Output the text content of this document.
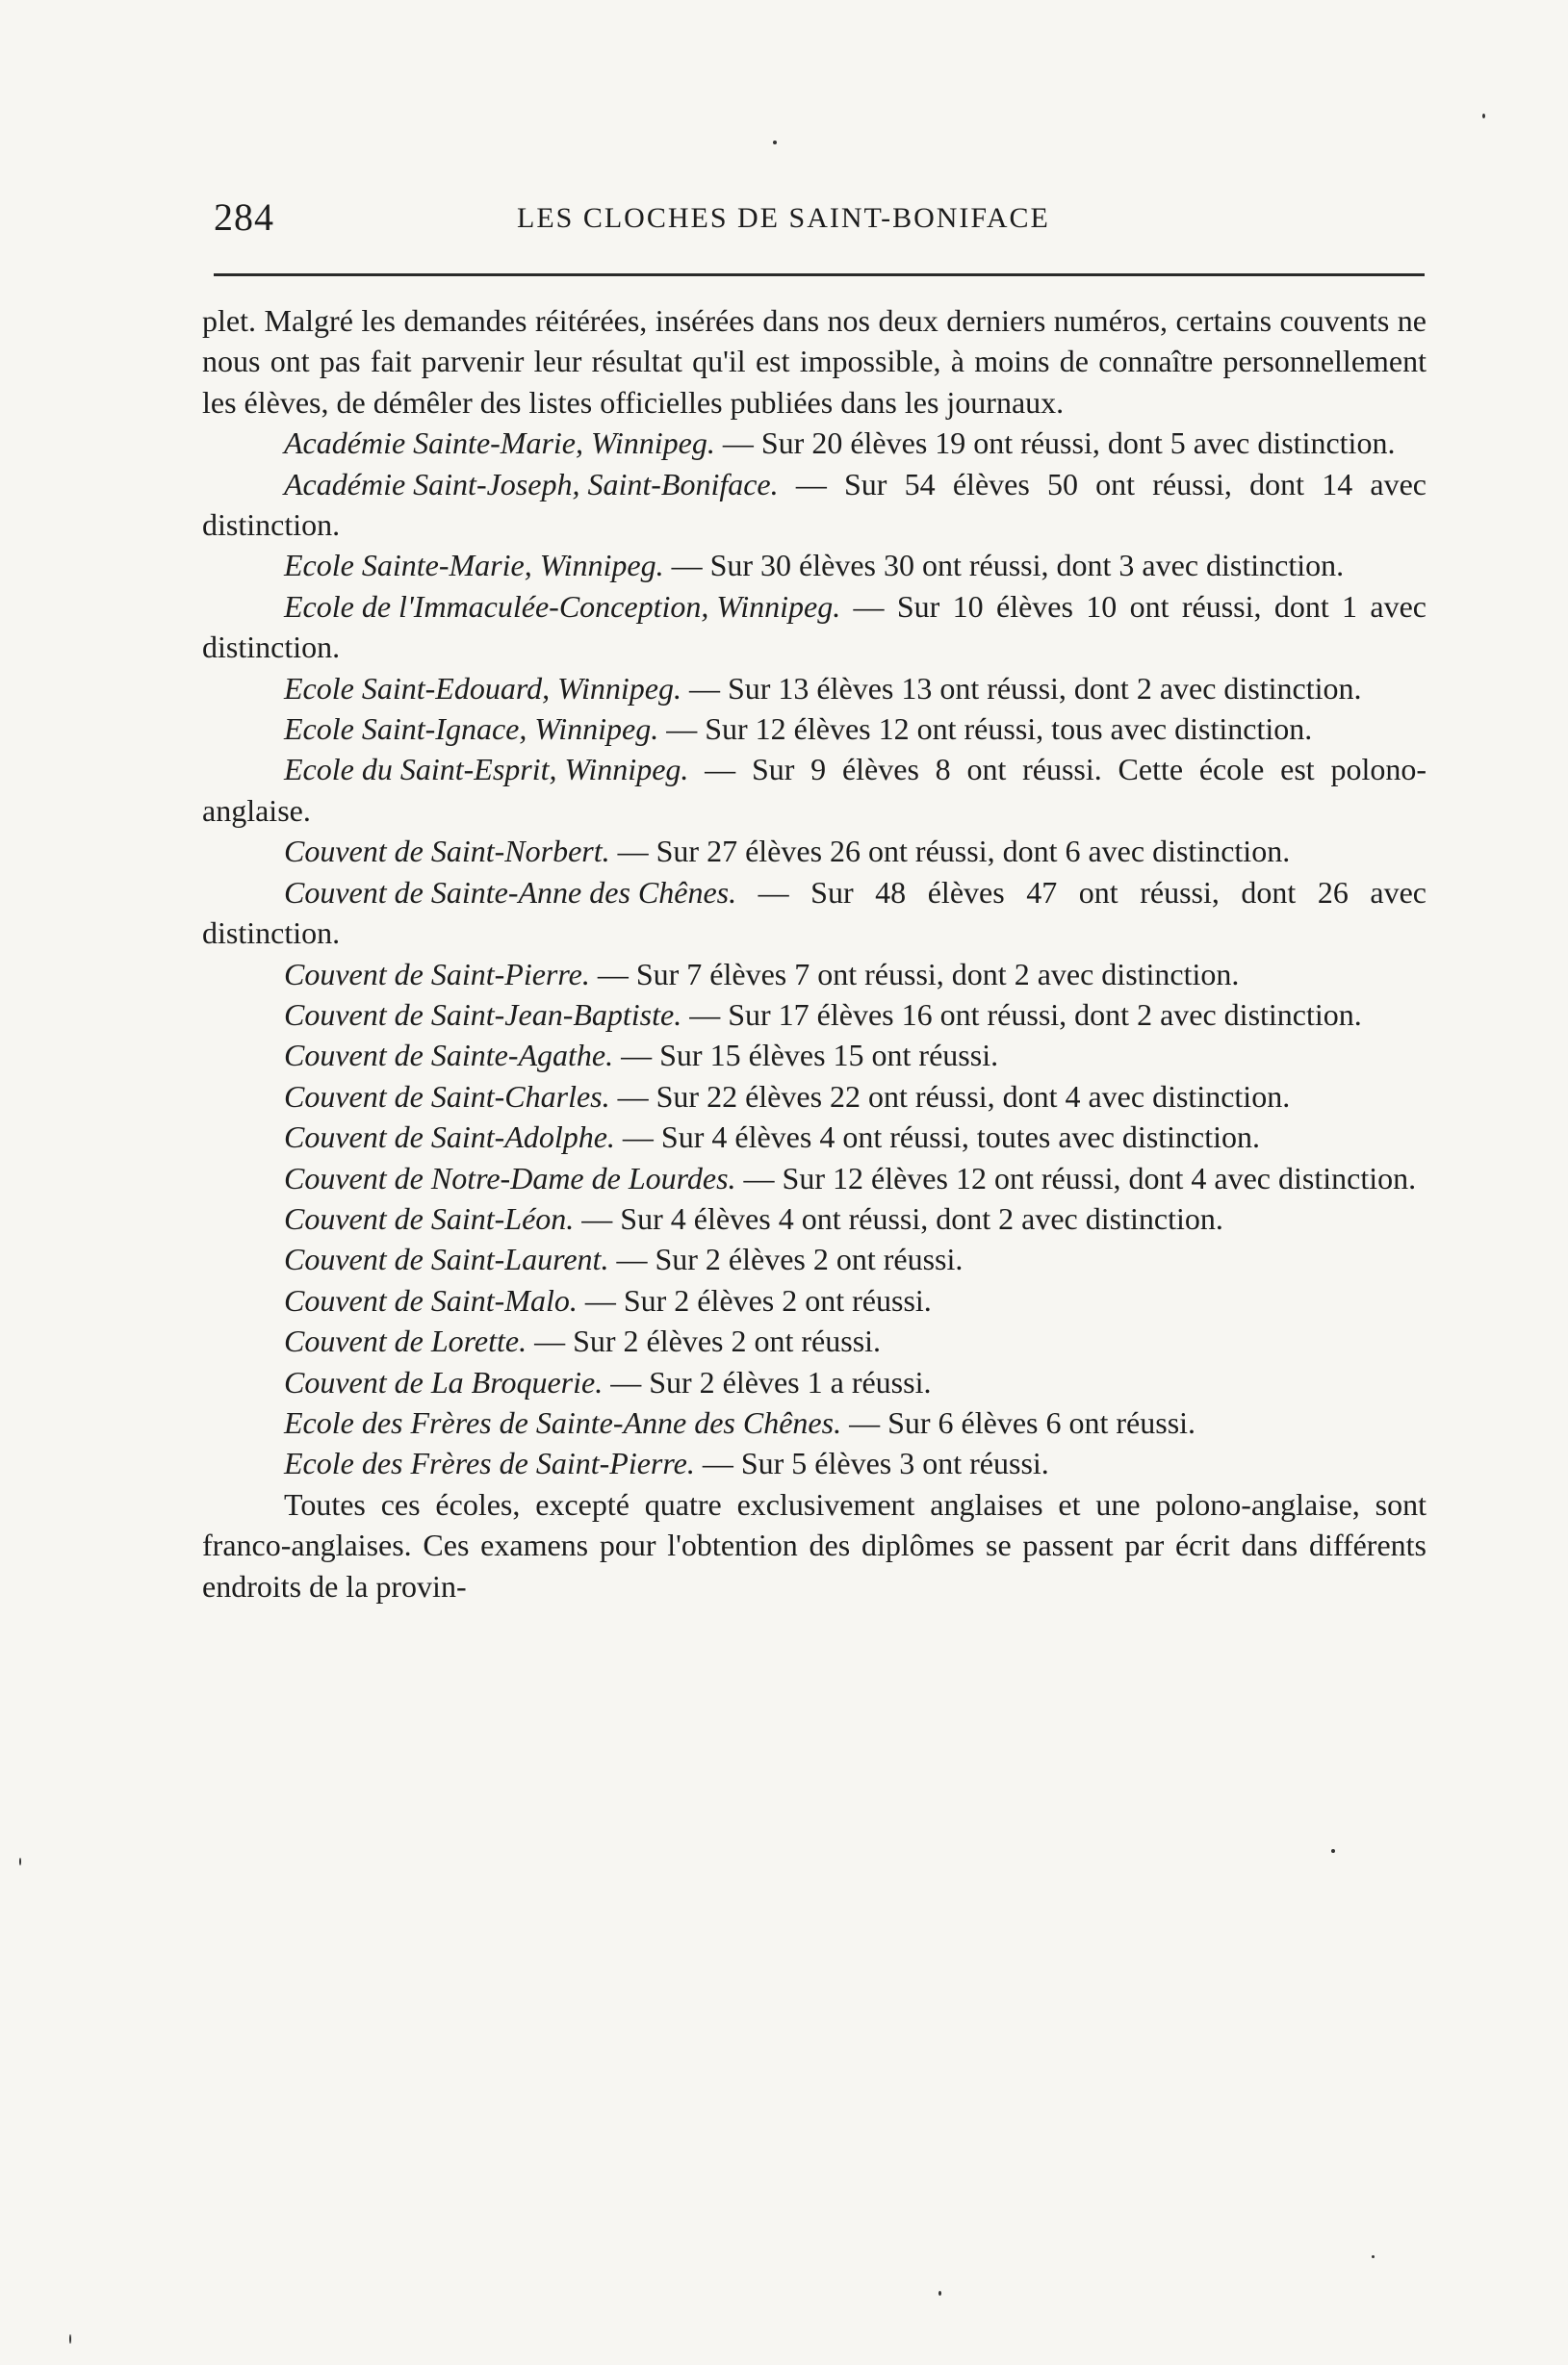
284	LES CLOCHES DE SAINT-BONIFACE

plet. Malgré les demandes réitérées, insérées dans nos deux derniers numéros, certains couvents ne nous ont pas fait parvenir leur résultat qu'il est impossible, à moins de connaître personnellement les élèves, de démêler des listes officielles publiées dans les journaux.

Académie Sainte-Marie, Winnipeg. — Sur 20 élèves 19 ont réussi, dont 5 avec distinction.

Académie Saint-Joseph, Saint-Boniface. — Sur 54 élèves 50 ont réussi, dont 14 avec distinction.

Ecole Sainte-Marie, Winnipeg. — Sur 30 élèves 30 ont réussi, dont 3 avec distinction.

Ecole de l'Immaculée-Conception, Winnipeg. — Sur 10 élèves 10 ont réussi, dont 1 avec distinction.

Ecole Saint-Edouard, Winnipeg. — Sur 13 élèves 13 ont réussi, dont 2 avec distinction.

Ecole Saint-Ignace, Winnipeg. — Sur 12 élèves 12 ont réussi, tous avec distinction.

Ecole du Saint-Esprit, Winnipeg. — Sur 9 élèves 8 ont réussi. Cette école est polono-anglaise.

Couvent de Saint-Norbert. — Sur 27 élèves 26 ont réussi, dont 6 avec distinction.

Couvent de Sainte-Anne des Chênes. — Sur 48 élèves 47 ont réussi, dont 26 avec distinction.

Couvent de Saint-Pierre. — Sur 7 élèves 7 ont réussi, dont 2 avec distinction.

Couvent de Saint-Jean-Baptiste. — Sur 17 élèves 16 ont réussi, dont 2 avec distinction.

Couvent de Sainte-Agathe. — Sur 15 élèves 15 ont réussi.

Couvent de Saint-Charles. — Sur 22 élèves 22 ont réussi, dont 4 avec distinction.

Couvent de Saint-Adolphe. — Sur 4 élèves 4 ont réussi, toutes avec distinction.

Couvent de Notre-Dame de Lourdes. — Sur 12 élèves 12 ont réussi, dont 4 avec distinction.

Couvent de Saint-Léon. — Sur 4 élèves 4 ont réussi, dont 2 avec distinction.

Couvent de Saint-Laurent. — Sur 2 élèves 2 ont réussi.

Couvent de Saint-Malo. — Sur 2 élèves 2 ont réussi.

Couvent de Lorette. — Sur 2 élèves 2 ont réussi.

Couvent de La Broquerie. — Sur 2 élèves 1 a réussi.

Ecole des Frères de Sainte-Anne des Chênes. — Sur 6 élèves 6 ont réussi.

Ecole des Frères de Saint-Pierre. — Sur 5 élèves 3 ont réussi.

Toutes ces écoles, excepté quatre exclusivement anglaises et une polono-anglaise, sont franco-anglaises. Ces examens pour l'obtention des diplômes se passent par écrit dans différents endroits de la provin-
